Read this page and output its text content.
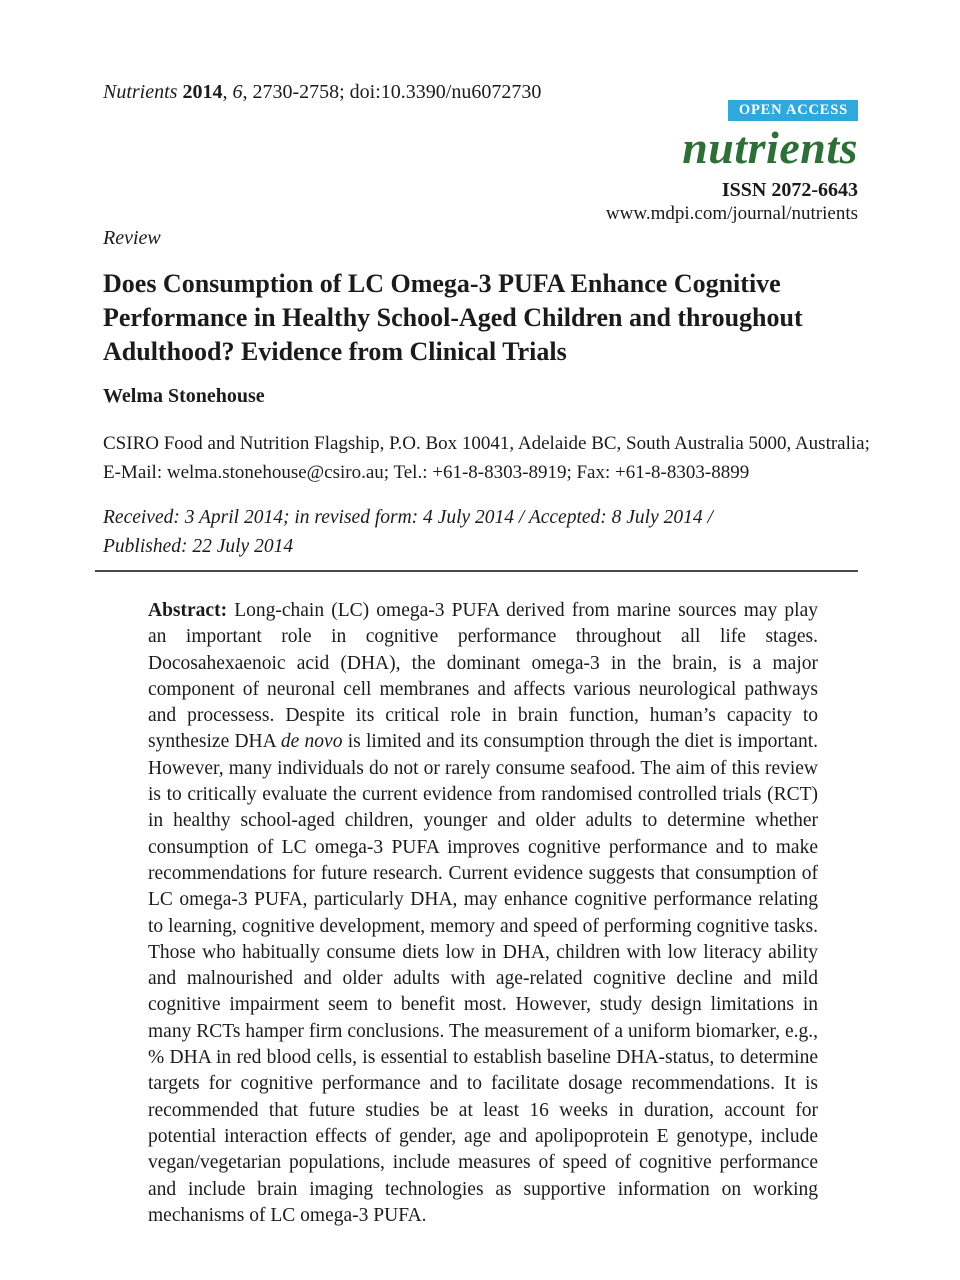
Nutrients 2014, 6, 2730-2758; doi:10.3390/nu6072730
OPEN ACCESS
nutrients
ISSN 2072-6643
www.mdpi.com/journal/nutrients
Review
Does Consumption of LC Omega-3 PUFA Enhance Cognitive
Performance in Healthy School-Aged Children and throughout
Adulthood? Evidence from Clinical Trials
Welma Stonehouse
CSIRO Food and Nutrition Flagship, P.O. Box 10041, Adelaide BC, South Australia 5000, Australia;
E-Mail: welma.stonehouse@csiro.au; Tel.: +61-8-8303-8919; Fax: +61-8-8303-8899
Received: 3 April 2014; in revised form: 4 July 2014 / Accepted: 8 July 2014 /
Published: 22 July 2014

Abstract: Long-chain (LC) omega-3 PUFA derived from marine sources may play an important role in cognitive performance throughout all life stages. Docosahexaenoic acid (DHA), the dominant omega-3 in the brain, is a major component of neuronal cell membranes and affects various neurological pathways and processess. Despite its critical role in brain function, human’s capacity to synthesize DHA de novo is limited and its consumption through the diet is important. However, many individuals do not or rarely consume seafood. The aim of this review is to critically evaluate the current evidence from randomised controlled trials (RCT) in healthy school-aged children, younger and older adults to determine whether consumption of LC omega-3 PUFA improves cognitive performance and to make recommendations for future research. Current evidence suggests that consumption of LC omega-3 PUFA, particularly DHA, may enhance cognitive performance relating to learning, cognitive development, memory and speed of performing cognitive tasks. Those who habitually consume diets low in DHA, children with low literacy ability and malnourished and older adults with age-related cognitive decline and mild cognitive impairment seem to benefit most. However, study design limitations in many RCTs hamper firm conclusions. The measurement of a uniform biomarker, e.g., % DHA in red blood cells, is essential to establish baseline DHA-status, to determine targets for cognitive performance and to facilitate dosage recommendations. It is recommended that future studies be at least 16 weeks in duration, account for potential interaction effects of gender, age and apolipoprotein E genotype, include vegan/vegetarian populations, include measures of speed of cognitive performance and include brain imaging technologies as supportive information on working mechanisms of LC omega-3 PUFA.
